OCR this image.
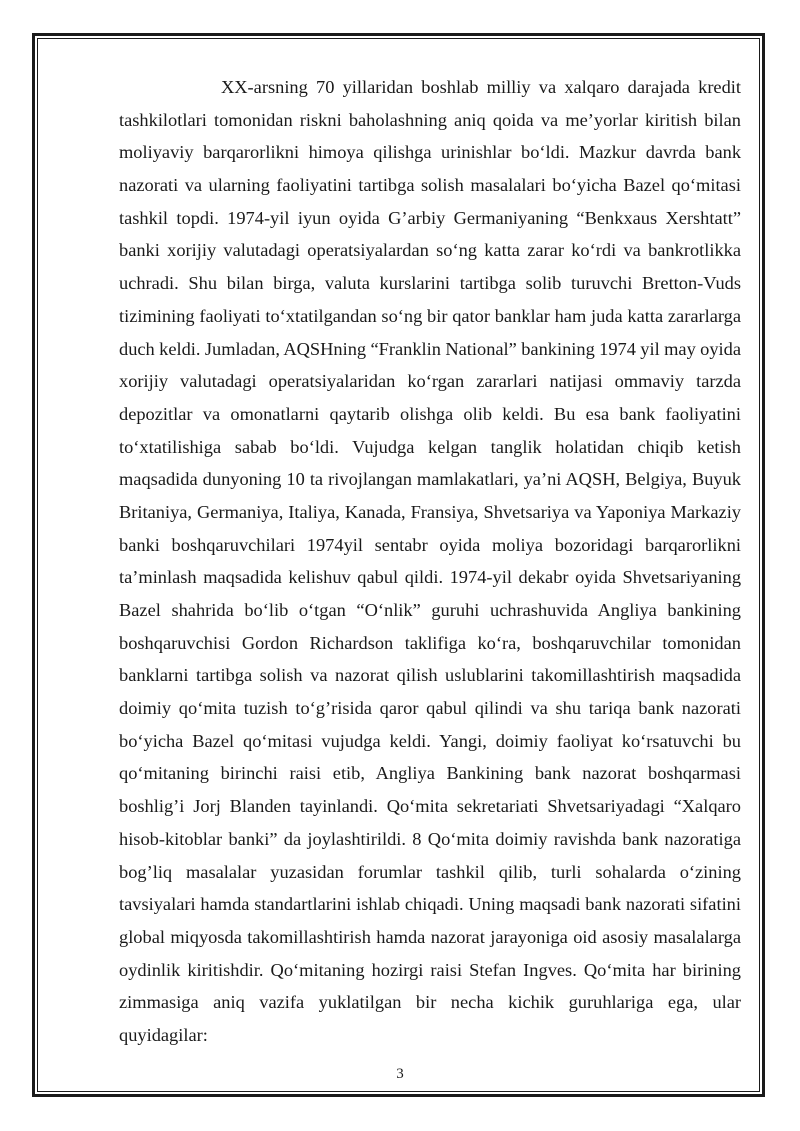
XX-arsning 70 yillaridan boshlab milliy va xalqaro darajada kredit
tashkilotlari tomonidan riskni baholashning aniq qoida va me’yorlar kiritish bilan
moliyaviy barqarorlikni himoya qilishga urinishlar bo‘ldi. Mazkur davrda bank
nazorati va ularning faoliyatini tartibga solish masalalari bo‘yicha Bazel qo‘mitasi
tashkil topdi. 1974-yil iyun oyida G’arbiy Germaniyaning “Benkxaus Xershtatt”
banki xorijiy valutadagi operatsiyalardan so‘ng katta zarar ko‘rdi va bankrotlikka
uchradi. Shu bilan birga, valuta kurslarini tartibga solib turuvchi Bretton-Vuds
tizimining faoliyati to‘xtatilgandan so‘ng bir qator banklar ham juda katta zararlarga
duch keldi. Jumladan, AQSHning “Franklin National” bankining 1974 yil may oyida
xorijiy valutadagi operatsiyalaridan ko‘rgan zararlari natijasi ommaviy tarzda
depozitlar va omonatlarni qaytarib olishga olib keldi. Bu esa bank faoliyatini
to‘xtatilishiga sabab bo‘ldi. Vujudga kelgan tanglik holatidan chiqib ketish
maqsadida dunyoning 10 ta rivojlangan mamlakatlari, ya’ni AQSH, Belgiya, Buyuk
Britaniya, Germaniya, Italiya, Kanada, Fransiya, Shvetsariya va Yaponiya Markaziy
banki boshqaruvchilari 1974yil sentabr oyida moliya bozoridagi barqarorlikni
ta’minlash maqsadida kelishuv qabul qildi. 1974-yil dekabr oyida Shvetsariyaning
Bazel shahrida bo‘lib o‘tgan “O‘nlik” guruhi uchrashuvida Angliya bankining
boshqaruvchisi Gordon Richardson taklifiga ko‘ra, boshqaruvchilar tomonidan
banklarni tartibga solish va nazorat qilish uslublarini takomillashtirish maqsadida
doimiy qo‘mita tuzish to‘g’risida qaror qabul qilindi va shu tariqa bank nazorati
bo‘yicha Bazel qo‘mitasi vujudga keldi. Yangi, doimiy faoliyat ko‘rsatuvchi bu
qo‘mitaning birinchi raisi etib, Angliya Bankining bank nazorat boshqarmasi
boshlig’i Jorj Blanden tayinlandi. Qo‘mita sekretariati Shvetsariyadagi “Xalqaro
hisob-kitoblar banki” da joylashtirildi. 8 Qo‘mita doimiy ravishda bank nazoratiga
bog’liq masalalar yuzasidan forumlar tashkil qilib, turli sohalarda o‘zining
tavsiyalari hamda standartlarini ishlab chiqadi. Uning maqsadi bank nazorati sifatini
global miqyosda takomillashtirish hamda nazorat jarayoniga oid asosiy masalalarga
oydinlik kiritishdir. Qo‘mitaning hozirgi raisi Stefan Ingves. Qo‘mita har birining
zimmasiga aniq vazifa yuklatilgan bir necha kichik guruhlariga ega, ular
quyidagilar:
3
